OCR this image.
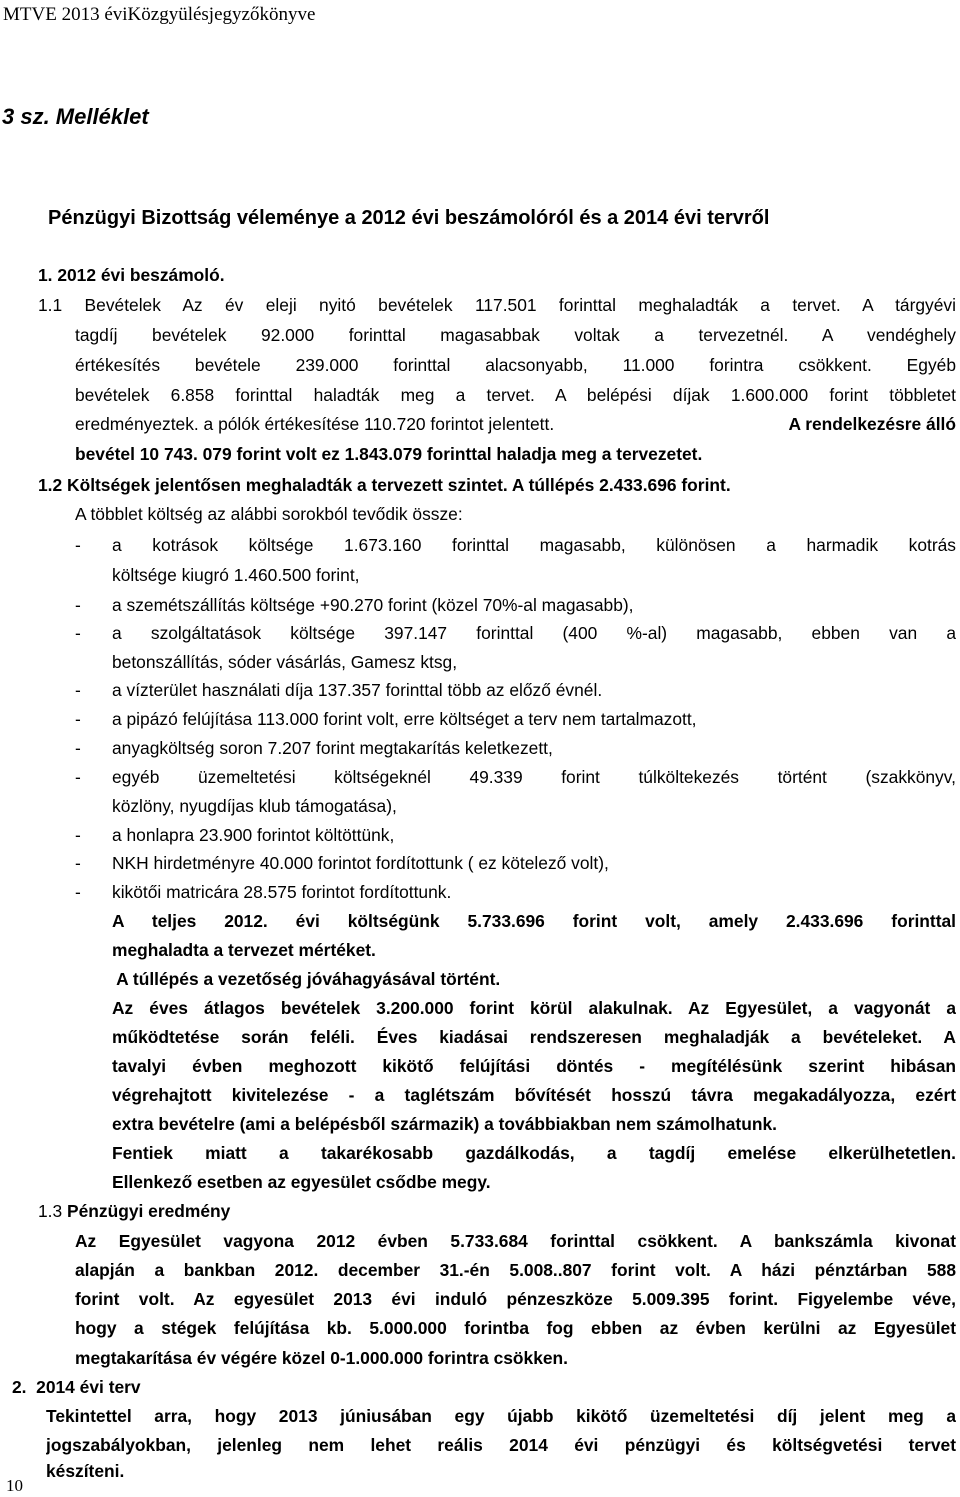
MTVE 2013 éviKözgyülésjegyzőkönyve
3 sz. Melléklet
Pénzügyi Bizottság véleménye a 2012 évi beszámolóról és a 2014 évi tervről
1. 2012 évi beszámoló.
1.1 Bevételek Az év eleji nyitó bevételek 117.501 forinttal meghaladták a tervet. A tárgyévi
tagdíj bevételek 92.000 forinttal magasabbak voltak a tervezetnél. A vendéghely
értékesítés bevétele 239.000 forinttal alacsonyabb, 11.000 forintra csökkent. Egyéb
bevételek 6.858 forinttal haladták meg a tervet. A belépési díjak 1.600.000 forint többletet
eredményeztek. a pólók értékesítése 110.720 forintot jelentett.	A rendelkezésre álló
bevétel 10 743. 079 forint volt ez 1.843.079 forinttal haladja meg a tervezetet.
1.2 Költségek jelentősen meghaladták a tervezett szintet. A túllépés 2.433.696 forint.
A többlet költség az alábbi sorokból tevődik össze:
- a kotrások költsége 1.673.160 forinttal magasabb, különösen a harmadik kotrás
költsége kiugró 1.460.500 forint,
- a szemétszállítás költsége +90.270 forint (közel 70%-al magasabb),
- a szolgáltatások költsége 397.147 forinttal (400 %-al) magasabb, ebben van a
betonszállítás, sóder vásárlás, Gamesz ktsg,
- a vízterület használati díja 137.357 forinttal több az előző évnél.
- a pipázó felújítása 113.000 forint volt, erre költséget a terv nem tartalmazott,
- anyagköltség soron 7.207 forint megtakarítás keletkezett,
- egyéb üzemeltetési költségeknél 49.339 forint túlköltekezés történt (szakkönyv,
közlöny, nyugdíjas klub támogatása),
- a honlapra 23.900 forintot költöttünk,
- NKH hirdetményre 40.000 forintot fordítottunk ( ez kötelező volt),
- kikötői matricára 28.575 forintot fordítottunk.
A teljes 2012. évi költségünk 5.733.696 forint volt, amely 2.433.696 forinttal
meghaladta a tervezet mértéket.
A túllépés a vezetőség jóváhagyásával történt.
Az éves átlagos bevételek 3.200.000 forint körül alakulnak. Az Egyesület, a vagyonát a
működtetése során feléli. Éves kiadásai rendszeresen meghaladják a bevételeket. A
tavalyi évben meghozott kikötő felújítási döntés - megítélésünk szerint hibásan
végrehajtott kivitelezése - a taglétszám bővítését hosszú távra megakadályozza, ezért
extra bevételre (ami a belépésből származik) a továbbiakban nem számolhatunk.
Fentiek miatt a takarékosabb gazdálkodás, a tagdíj emelése elkerülhetetlen.
Ellenkező esetben az egyesület csődbe megy.
1.3 Pénzügyi eredmény
Az Egyesület vagyona 2012 évben 5.733.684 forinttal csökkent. A bankszámla kivonat
alapján a bankban 2012. december 31.-én 5.008..807 forint volt. A házi pénztárban 588
forint volt. Az egyesület 2013 évi induló pénzeszköze 5.009.395 forint. Figyelembe véve,
hogy a stégek felújítása kb. 5.000.000 forintba fog ebben az évben kerülni az Egyesület
megtakarítása év végére közel 0-1.000.000 forintra csökken.
2.  2014 évi terv
Tekintettel arra, hogy 2013 júniusában egy újabb kikötő üzemeltetési díj jelent meg a
jogszabályokban, jelenleg nem lehet reális 2014 évi pénzügyi és költségvetési tervet
készíteni.
10
